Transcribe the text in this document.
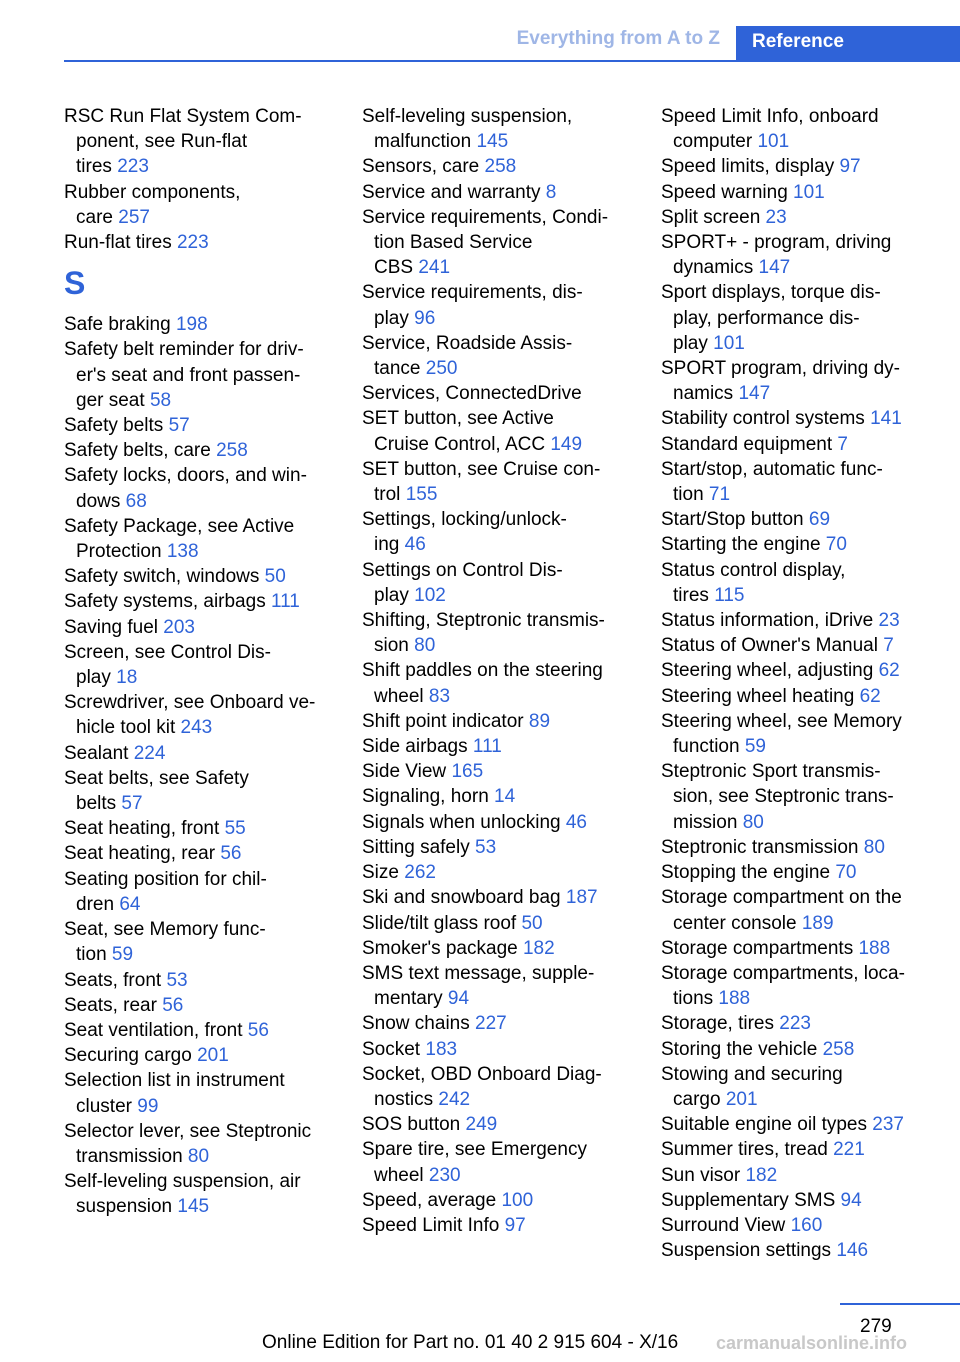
Everything from A to Z	Reference
RSC Run Flat System Com-
ponent, see Run-flat
tires 223
Rubber components,
care 257
Run-flat tires 223
S
Safe braking 198
Safety belt reminder for driv-
er's seat and front passen-
ger seat 58
Safety belts 57
Safety belts, care 258
Safety locks, doors, and win-
dows 68
Safety Package, see Active
Protection 138
Safety switch, windows 50
Safety systems, airbags 111
Saving fuel 203
Screen, see Control Dis-
play 18
Screwdriver, see Onboard ve-
hicle tool kit 243
Sealant 224
Seat belts, see Safety
belts 57
Seat heating, front 55
Seat heating, rear 56
Seating position for chil-
dren 64
Seat, see Memory func-
tion 59
Seats, front 53
Seats, rear 56
Seat ventilation, front 56
Securing cargo 201
Selection list in instrument
cluster 99
Selector lever, see Steptronic
transmission 80
Self-leveling suspension, air
suspension 145
Self-leveling suspension,
malfunction 145
Sensors, care 258
Service and warranty 8
Service requirements, Condi-
tion Based Service
CBS 241
Service requirements, dis-
play 96
Service, Roadside Assis-
tance 250
Services, ConnectedDrive
SET button, see Active
Cruise Control, ACC 149
SET button, see Cruise con-
trol 155
Settings, locking/unlock-
ing 46
Settings on Control Dis-
play 102
Shifting, Steptronic transmis-
sion 80
Shift paddles on the steering
wheel 83
Shift point indicator 89
Side airbags 111
Side View 165
Signaling, horn 14
Signals when unlocking 46
Sitting safely 53
Size 262
Ski and snowboard bag 187
Slide/tilt glass roof 50
Smoker's package 182
SMS text message, supple-
mentary 94
Snow chains 227
Socket 183
Socket, OBD Onboard Diag-
nostics 242
SOS button 249
Spare tire, see Emergency
wheel 230
Speed, average 100
Speed Limit Info 97
Speed Limit Info, onboard
computer 101
Speed limits, display 97
Speed warning 101
Split screen 23
SPORT+ - program, driving
dynamics 147
Sport displays, torque dis-
play, performance dis-
play 101
SPORT program, driving dy-
namics 147
Stability control systems 141
Standard equipment 7
Start/stop, automatic func-
tion 71
Start/Stop button 69
Starting the engine 70
Status control display,
tires 115
Status information, iDrive 23
Status of Owner's Manual 7
Steering wheel, adjusting 62
Steering wheel heating 62
Steering wheel, see Memory
function 59
Steptronic Sport transmis-
sion, see Steptronic trans-
mission 80
Steptronic transmission 80
Stopping the engine 70
Storage compartment on the
center console 189
Storage compartments 188
Storage compartments, loca-
tions 188
Storage, tires 223
Storing the vehicle 258
Stowing and securing
cargo 201
Suitable engine oil types 237
Summer tires, tread 221
Sun visor 182
Supplementary SMS 94
Surround View 160
Suspension settings 146
279
Online Edition for Part no. 01 40 2 915 604 - X/16 carmanualsonline.info
